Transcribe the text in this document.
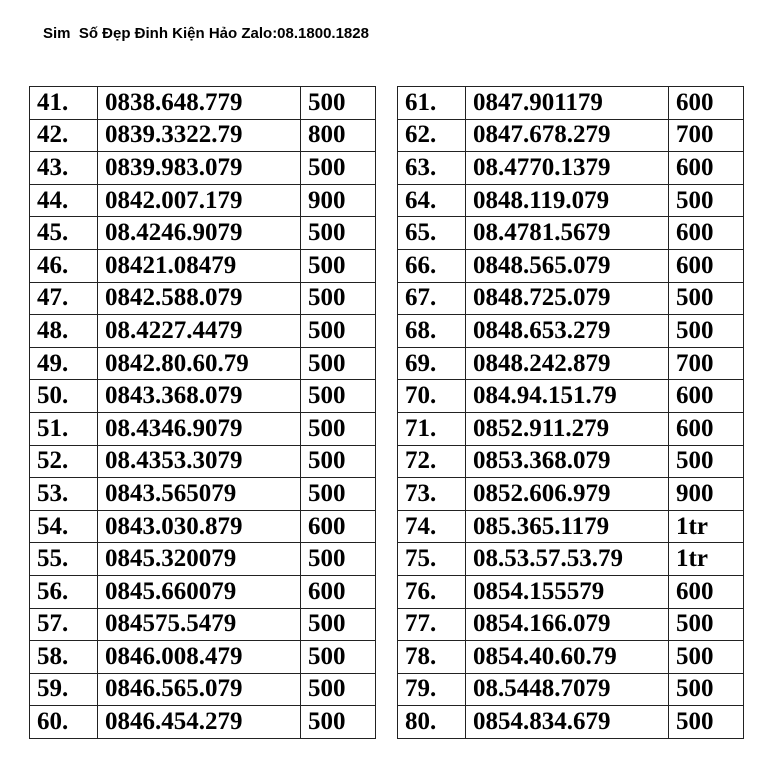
Sim  Số Đẹp Đinh Kiện Hảo Zalo:08.1800.1828
41.	0838.648.779	500
42.	0839.3322.79	800
43.	0839.983.079	500
44.	0842.007.179	900
45.	08.4246.9079	500
46.	08421.08479	500
47.	0842.588.079	500
48.	08.4227.4479	500
49.	0842.80.60.79	500
50.	0843.368.079	500
51.	08.4346.9079	500
52.	08.4353.3079	500
53.	0843.565079	500
54.	0843.030.879	600
55.	0845.320079	500
56.	0845.660079	600
57.	084575.5479	500
58.	0846.008.479	500
59.	0846.565.079	500
60.	0846.454.279	500
61.	0847.901179	600
62.	0847.678.279	700
63.	08.4770.1379	600
64.	0848.119.079	500
65.	08.4781.5679	600
66.	0848.565.079	600
67.	0848.725.079	500
68.	0848.653.279	500
69.	0848.242.879	700
70.	084.94.151.79	600
71.	0852.911.279	600
72.	0853.368.079	500
73.	0852.606.979	900
74.	085.365.1179	1tr
75.	08.53.57.53.79	1tr
76.	0854.155579	600
77.	0854.166.079	500
78.	0854.40.60.79	500
79.	08.5448.7079	500
80.	0854.834.679	500
